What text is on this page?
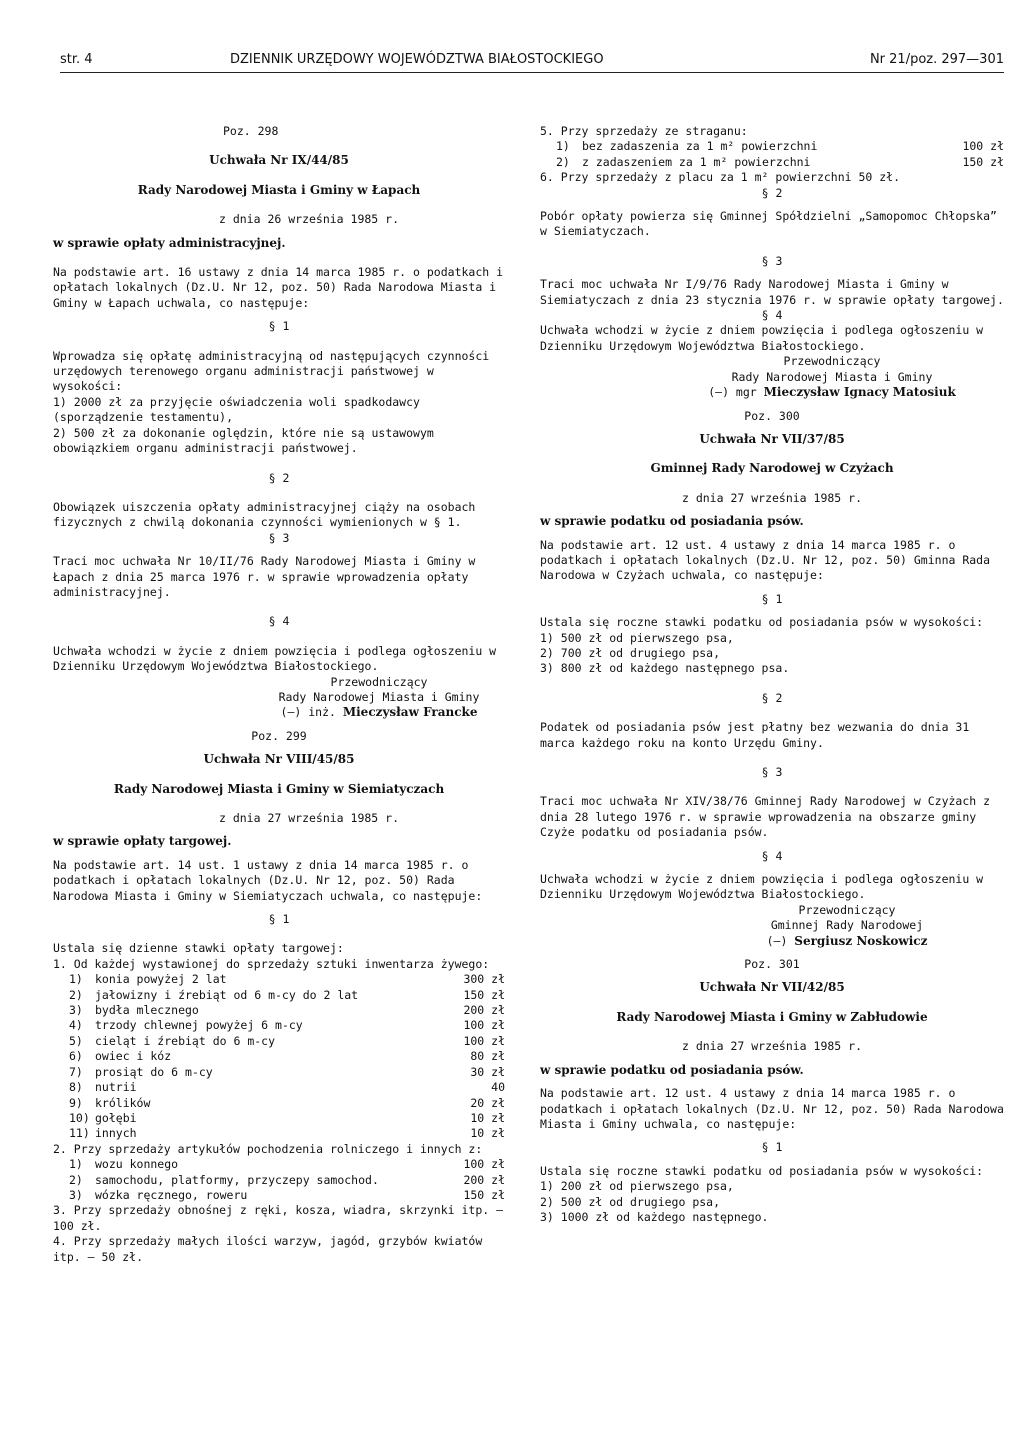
str. 4	DZIENNIK URZĘDOWY WOJEWÓDZTWA BIAŁOSTOCKIEGO	Nr 21/poz. 297—301

Poz. 298

Uchwała Nr IX/44/85

Rady Narodowej Miasta i Gminy w Łapach

z dnia 26 września 1985 r.

w sprawie opłaty administracyjnej.

Na podstawie art. 16 ustawy z dnia 14 marca 1985 r. o podatkach i opłatach lokalnych (Dz.U. Nr 12, poz. 50) Rada Narodowa Miasta i Gminy w Łapach uchwala, co następuje:

§ 1

Wprowadza się opłatę administracyjną od następujących czynności urzędowych terenowego organu administracji państwowej w wysokości:

1) 2000 zł za przyjęcie oświadczenia woli spadkodawcy (sporządzenie testamentu),

2) 500 zł za dokonanie oględzin, które nie są ustawowym obowiązkiem organu administracji państwowej.

§ 2

Obowiązek uiszczenia opłaty administracyjnej ciąży na osobach fizycznych z chwilą dokonania czynności wymienionych w § 1.

§ 3

Traci moc uchwała Nr 10/II/76 Rady Narodowej Miasta i Gminy w Łapach z dnia 25 marca 1976 r. w sprawie wprowadzenia opłaty administracyjnej.

§ 4

Uchwała wchodzi w życie z dniem powzięcia i podlega ogłoszeniu w Dzienniku Urzędowym Województwa Białostockiego.

Przewodniczący

Rady Narodowej Miasta i Gminy

(—) inż. Mieczysław Francke

Poz. 299

Uchwała Nr VIII/45/85

Rady Narodowej Miasta i Gminy w Siemiatyczach

z dnia 27 września 1985 r.

w sprawie opłaty targowej.

Na podstawie art. 14 ust. 1 ustawy z dnia 14 marca 1985 r. o podatkach i opłatach lokalnych (Dz.U. Nr 12, poz. 50) Rada Narodowa Miasta i Gminy w Siemiatyczach uchwala, co następuje:

§ 1

Ustala się dzienne stawki opłaty targowej:

1. Od każdej wystawionej do sprzedaży sztuki inwentarza żywego:

1) konia powyżej 2 lat	300 zł
2) jałowizny i źrebiąt od 6 m-cy do 2 lat	150 zł
3) bydła mlecznego	200 zł
4) trzody chlewnej powyżej 6 m-cy	100 zł
5) cieląt i źrebiąt do 6 m-cy	100 zł
6) owiec i kóz	80 zł
7) prosiąt do 6 m-cy	30 zł
8) nutrii	40
9) królików	20 zł
10) gołębi	10 zł
11) innych	10 zł

2. Przy sprzedaży artykułów pochodzenia rolniczego i innych z:

1) wozu konnego	100 zł
2) samochodu, platformy, przyczepy samochod.	200 zł
3) wózka ręcznego, roweru	150 zł

3. Przy sprzedaży obnośnej z ręki, kosza, wiadra, skrzynki itp. — 100 zł.

4. Przy sprzedaży małych ilości warzyw, jagód, grzybów kwiatów itp. — 50 zł.

5. Przy sprzedaży ze straganu:

1) bez zadaszenia za 1 m² powierzchni	100 zł
2) z zadaszeniem za 1 m² powierzchni	150 zł

6. Przy sprzedaży z placu za 1 m² powierzchni 50 zł.

§ 2

Pobór opłaty powierza się Gminnej Spółdzielni „Samopomoc Chłopska” w Siemiatyczach.

§ 3

Traci moc uchwała Nr I/9/76 Rady Narodowej Miasta i Gminy w Siemiatyczach z dnia 23 stycznia 1976 r. w sprawie opłaty targowej.

§ 4

Uchwała wchodzi w życie z dniem powzięcia i podlega ogłoszeniu w Dzienniku Urzędowym Województwa Białostockiego.

Przewodniczący

Rady Narodowej Miasta i Gminy

(—) mgr Mieczysław Ignacy Matosiuk

Poz. 300

Uchwała Nr VII/37/85

Gminnej Rady Narodowej w Czyżach

z dnia 27 września 1985 r.

w sprawie podatku od posiadania psów.

Na podstawie art. 12 ust. 4 ustawy z dnia 14 marca 1985 r. o podatkach i opłatach lokalnych (Dz.U. Nr 12, poz. 50) Gminna Rada Narodowa w Czyżach uchwala, co następuje:

§ 1

Ustala się roczne stawki podatku od posiadania psów w wysokości:

1) 500 zł od pierwszego psa,

2) 700 zł od drugiego psa,

3) 800 zł od każdego następnego psa.

§ 2

Podatek od posiadania psów jest płatny bez wezwania do dnia 31 marca każdego roku na konto Urzędu Gminy.

§ 3

Traci moc uchwała Nr XIV/38/76 Gminnej Rady Narodowej w Czyżach z dnia 28 lutego 1976 r. w sprawie wprowadzenia na obszarze gminy Czyże podatku od posiadania psów.

§ 4

Uchwała wchodzi w życie z dniem powzięcia i podlega ogłoszeniu w Dzienniku Urzędowym Województwa Białostockiego.

Przewodniczący

Gminnej Rady Narodowej

(—) Sergiusz Noskowicz

Poz. 301

Uchwała Nr VII/42/85

Rady Narodowej Miasta i Gminy w Zabłudowie

z dnia 27 września 1985 r.

w sprawie podatku od posiadania psów.

Na podstawie art. 12 ust. 4 ustawy z dnia 14 marca 1985 r. o podatkach i opłatach lokalnych (Dz.U. Nr 12, poz. 50) Rada Narodowa Miasta i Gminy uchwala, co następuje:

§ 1

Ustala się roczne stawki podatku od posiadania psów w wysokości:

1) 200 zł od pierwszego psa,

2) 500 zł od drugiego psa,

3) 1000 zł od każdego następnego.
